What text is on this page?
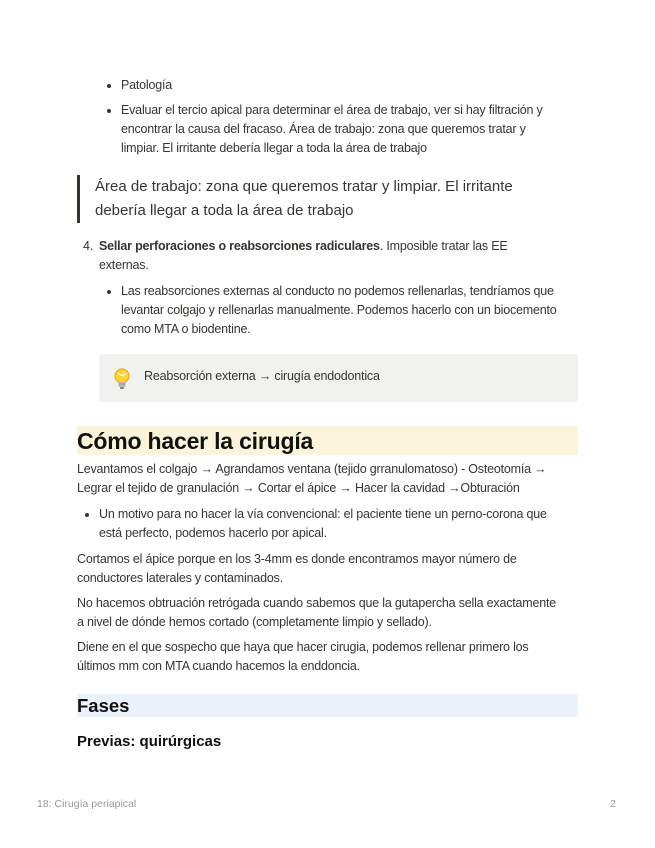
Patología
Evaluar el tercio apical para determinar el área de trabajo, ver si hay filtración y
encontrar la causa del fracaso. Área de trabajo: zona que queremos tratar y
limpiar. El irritante debería llegar a toda la área de trabajo
Área de trabajo: zona que queremos tratar y limpiar. El irritante
debería llegar a toda la área de trabajo
4. Sellar perforaciones o reabsorciones radiculares. Imposible tratar las EE
externas.
Las reabsorciones externas al conducto no podemos rellenarlas, tendríamos que
levantar colgajo y rellenarlas manualmente. Podemos hacerlo con un biocemento
como MTA o biodentine.
Reabsorción externa → cirugía endodontica
Cómo hacer la cirugía
Levantamos el colgajo → Agrandamos ventana (tejido grranulomatoso) - Osteotomía →
Legrar el tejido de granulación → Cortar el ápice → Hacer la cavidad →Obturación
Un motivo para no hacer la vía convencional: el paciente tiene un perno-corona que
está perfecto, podemos hacerlo por apical.
Cortamos el ápice porque en los 3-4mm es donde encontramos mayor número de
conductores laterales y contaminados.
No hacemos obtruación retrógada cuando sabemos que la gutapercha sella exactamente
a nivel de dónde hemos cortado (completamente limpio y sellado).
Diene en el que sospecho que haya que hacer cirugia, podemos rellenar primero los
últimos mm con MTA cuando hacemos la enddoncia.
Fases
Previas: quirúrgicas
18: Cirugía periapical	2
